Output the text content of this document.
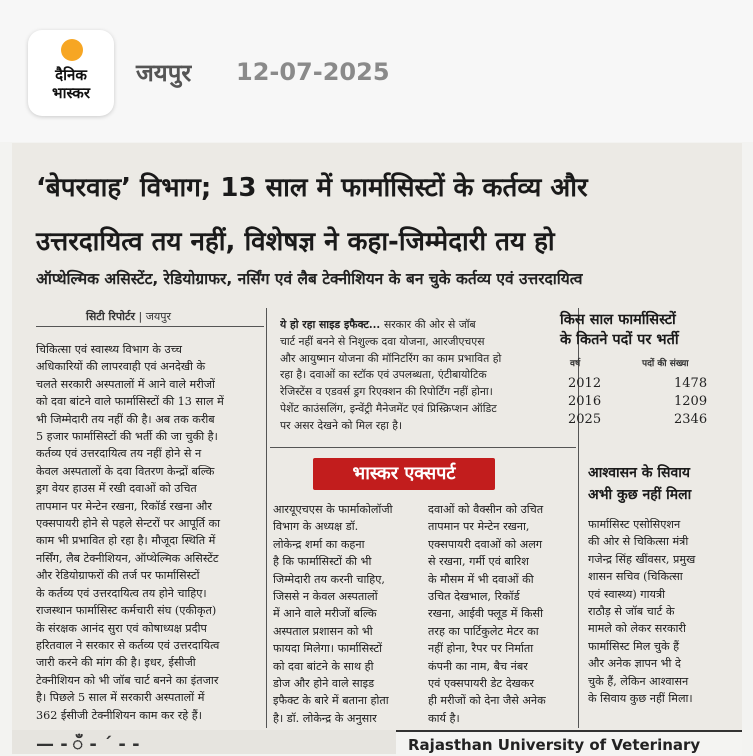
दैनिक
भास्कर
जयपुर 12-07-2025
‘बेपरवाह’ विभाग; 13 साल में फार्मासिस्टों के कर्तव्य और
उत्तरदायित्व तय नहीं, विशेषज्ञ ने कहा-जिम्मेदारी तय हो
ऑप्थेल्मिक असिस्टेंट, रेडियोग्राफर, नर्सिंग एवं लैब टेक्नीशियन के बन चुके कर्तव्य एवं उत्तरदायित्व
सिटी रिपोर्टर | जयपुर
चिकित्सा एवं स्वास्थ्य विभाग के उच्च
अधिकारियों की लापरवाही एवं अनदेखी के
चलते सरकारी अस्पतालों में आने वाले मरीजों
को दवा बांटने वाले फार्मासिस्टों की 13 साल में
भी जिम्मेदारी तय नहीं की है। अब तक करीब
5 हजार फार्मासिस्टों की भर्ती की जा चुकी है।
कर्तव्य एवं उत्तरदायित्व तय नहीं होने से न
केवल अस्पतालों के दवा वितरण केन्द्रों बल्कि
ड्रग वेयर हाउस में रखी दवाओं को उचित
तापमान पर मेन्टेन रखना, रिकॉर्ड रखना और
एक्सपायरी होने से पहले सेन्टरों पर आपूर्ति का
काम भी प्रभावित हो रहा है। मौजूदा स्थिति में
नर्सिंग, लैब टेक्नीशियन, ऑप्थेल्मिक असिस्टेंट
और रेडियोग्राफरों की तर्ज पर फार्मासिस्टों
के कर्तव्य एवं उत्तरदायित्व तय होने चाहिए।
राजस्थान फार्मासिस्ट कर्मचारी संघ (एकीकृत)
के संरक्षक आनंद सुरा एवं कोषाध्यक्ष प्रदीप
हरितवाल ने सरकार से कर्तव्य एवं उत्तरदायित्व
जारी करने की मांग की है। इधर, ईसीजी
टेक्नीशियन को भी जॉब चार्ट बनने का इंतजार
है। पिछले 5 साल में सरकारी अस्पतालों में
362 ईसीजी टेक्नीशियन काम कर रहे हैं।
ये हो रहा साइड इफैक्ट... सरकार की ओर से जॉब
चार्ट नहीं बनने से निशुल्क दवा योजना, आरजीएचएस
और आयुष्मान योजना की मॉनिटरिंग का काम प्रभावित हो
रहा है। दवाओं का स्टॉक एवं उपलब्धता, एंटीबायोटिक
रेजिस्टेंस व एडवर्स ड्रग रिएक्शन की रिपोर्टिंग नहीं होना।
पेशेंट काउंसलिंग, इन्वेंट्री मैनेजमेंट एवं प्रिस्क्रिप्शन ऑडिट
पर असर देखने को मिल रहा है।
किस साल फार्मासिस्टों
के कितने पदों पर भर्ती
वर्ष	पदों की संख्या
2012	1478
2016	1209
2025	2346
भास्कर एक्सपर्ट
आरयूएचएस के फार्माकोलॉजी
विभाग के अध्यक्ष डॉ.
लोकेन्द्र शर्मा का कहना
है कि फार्मासिस्टों की भी
जिम्मेदारी तय करनी चाहिए,
जिससे न केवल अस्पतालों
में आने वाले मरीजों बल्कि
अस्पताल प्रशासन को भी
फायदा मिलेगा। फार्मासिस्टों
को दवा बांटने के साथ ही
डोज और होने वाले साइड
इफैक्ट के बारे में बताना होता
है। डॉ. लोकेन्द्र के अनुसार
दवाओं को वैक्सीन को उचित
तापमान पर मेन्टेन रखना,
एक्सपायरी दवाओं को अलग
से रखना, गर्मी एवं बारिश
के मौसम में भी दवाओं की
उचित देखभाल, रिकॉर्ड
रखना, आईवी फ्लूड में किसी
तरह का पार्टिकुलेट मेटर का
नहीं होना, रैपर पर निर्माता
कंपनी का नाम, बैच नंबर
एवं एक्सपायरी डेट देखकर
ही मरीजों को देना जैसे अनेक
कार्य है।
आश्वासन के सिवाय
अभी कुछ नहीं मिला
फार्मासिस्ट एसोसिएशन
की ओर से चिकित्सा मंत्री
गजेन्द्र सिंह खींवसर, प्रमुख
शासन सचिव (चिकित्सा
एवं स्वास्थ्य) गायत्री
राठौड़ से जॉब चार्ट के
मामले को लेकर सरकारी
फार्मासिस्ट मिल चुके हैं
और अनेक ज्ञापन भी दे
चुके हैं, लेकिन आश्वासन
के सिवाय कुछ नहीं मिला।
— - ँ - ´ - -	Rajasthan University of Veterinary
